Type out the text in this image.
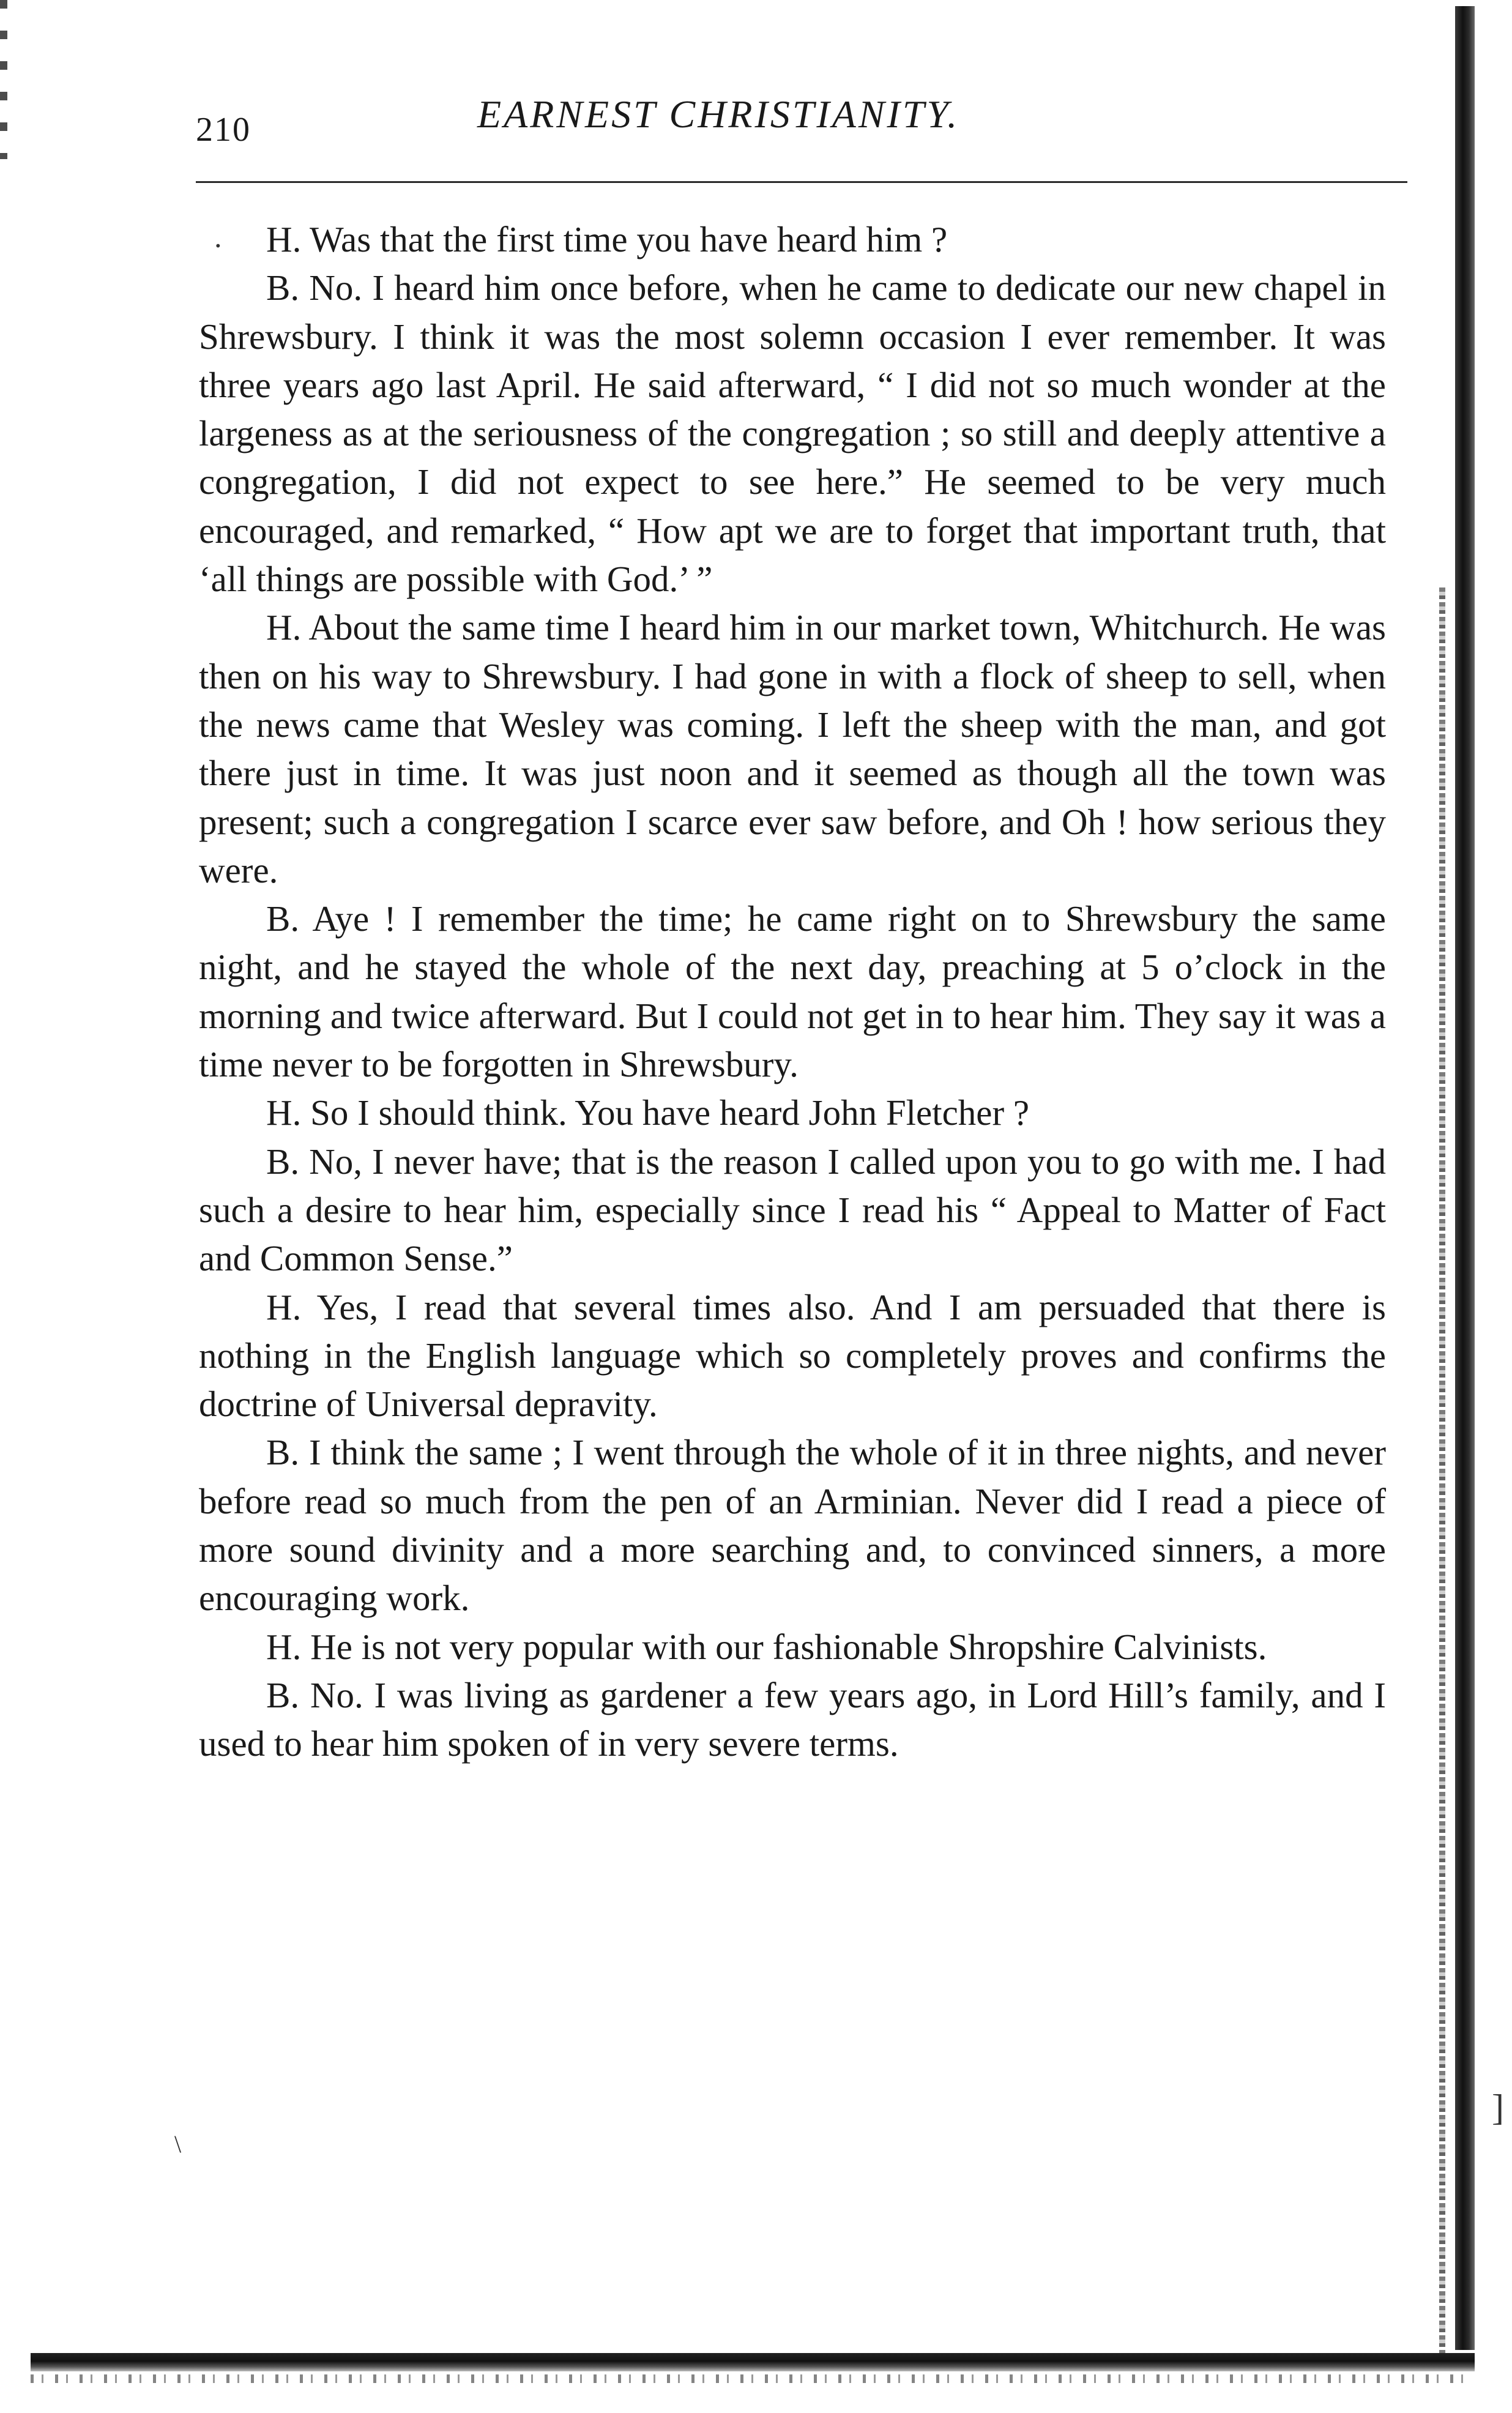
210	EARNEST CHRISTIANITY.
·	H. Was that the first time you have heard him ?

B. No. I heard him once before, when he came to dedicate our new chapel in Shrewsbury. I think it was the most solemn occasion I ever remember. It was three years ago last April. He said afterward, “ I did not so much wonder at the largeness as at the seriousness of the congregation ; so still and deeply attentive a congregation, I did not expect to see here.” He seemed to be very much encouraged, and remarked, “ How apt we are to forget that important truth, that ‘all things are possible with God.’ ”

H. About the same time I heard him in our market town, Whitchurch. He was then on his way to Shrewsbury. I had gone in with a flock of sheep to sell, when the news came that Wesley was coming. I left the sheep with the man, and got there just in time. It was just noon and it seemed as though all the town was present; such a congregation I scarce ever saw before, and Oh ! how serious they were.

B. Aye ! I remember the time; he came right on to Shrewsbury the same night, and he stayed the whole of the next day, preaching at 5 o’clock in the morning and twice afterward. But I could not get in to hear him. They say it was a time never to be forgotten in Shrewsbury.

H. So I should think. You have heard John Fletcher ?

B. No, I never have; that is the reason I called upon you to go with me. I had such a desire to hear him, especially since I read his “ Appeal to Matter of Fact and Common Sense.”

H. Yes, I read that several times also. And I am persuaded that there is nothing in the English language which so completely proves and confirms the doctrine of Universal depravity.

B. I think the same ; I went through the whole of it in three nights, and never before read so much from the pen of an Arminian. Never did I read a piece of more sound divinity and a more searching and, to convinced sinners, a more encouraging work.

H. He is not very popular with our fashionable Shropshire Calvinists.

B. No. I was living as gardener a few years ago, in Lord Hill’s family, and I used to hear him spoken of in very severe terms.

\
]
